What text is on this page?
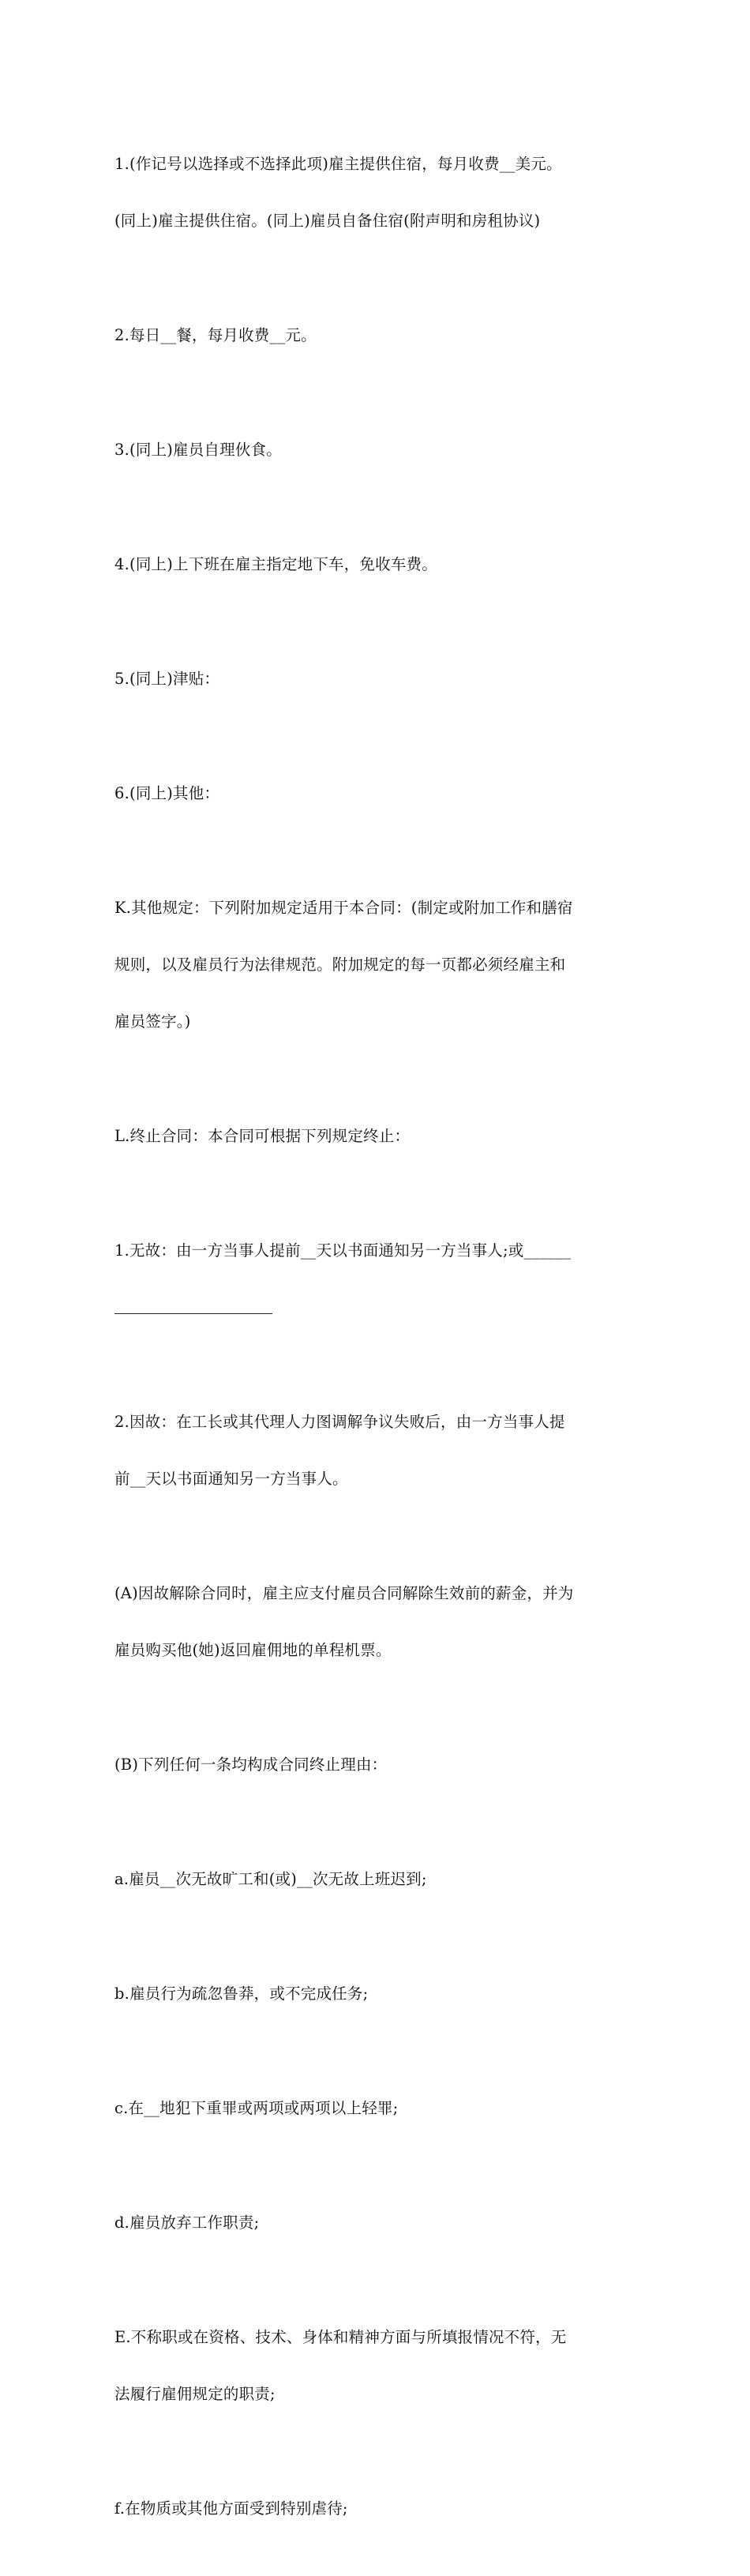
1.(作记号以选择或不选择此项)雇主提供住宿，每月收费__美元。

(同上)雇主提供住宿。(同上)雇员自备住宿(附声明和房租协议)

2.每日__餐，每月收费__元。

3.(同上)雇员自理伙食。

4.(同上)上下班在雇主指定地下车，免收车费。

5.(同上)津贴：

6.(同上)其他：

K.其他规定：下列附加规定适用于本合同：(制定或附加工作和膳宿

规则，以及雇员行为法律规范。附加规定的每一页都必须经雇主和

雇员签字。)

L.终止合同：本合同可根据下列规定终止：

1.无故：由一方当事人提前__天以书面通知另一方当事人;或______

2.因故：在工长或其代理人力图调解争议失败后，由一方当事人提

前__天以书面通知另一方当事人。

(A)因故解除合同时，雇主应支付雇员合同解除生效前的薪金，并为

雇员购买他(她)返回雇佣地的单程机票。

(B)下列任何一条均构成合同终止理由：

a.雇员__次无故旷工和(或)__次无故上班迟到;

b.雇员行为疏忽鲁莽，或不完成任务;

c.在__地犯下重罪或两项或两项以上轻罪;

d.雇员放弃工作职责;

E.不称职或在资格、技术、身体和精神方面与所填报情况不符，无

法履行雇佣规定的职责;

f.在物质或其他方面受到特别虐待;
